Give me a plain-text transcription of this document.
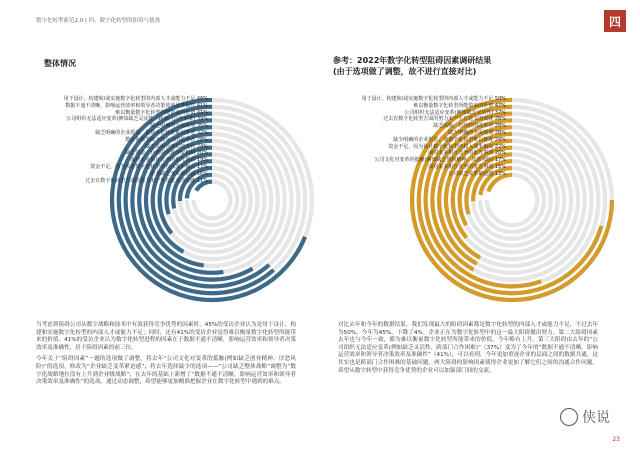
数字化转型新范2.0 | 四、数字化转型的阻碍与挑战	四
整体情况	参考：2022年数字化转型阻碍因素调研结果
(由于选项做了调整，故不进行直接对比)
用于设计、构建和/或实施数字化转型的内部人才或能力不足 46%
数据不通不清晰，影响运营效率和领导者决策效率及准确性 41%
难以衡量数字化转型所能带来的价值 41%
公司组织无法适应变革(例如缺乏灵活性、跨部门合作困难) 39%
缺乏明确的全面规划 35%
缺乏明确的企业愿景，使数字化转型难以推进 32%
数字化转型缺少强有力的领导者 28%
缺乏高级管理层的支持 24%
缺乏资金，有效的资源分配机制 20%
面对太多相互竞争的优先事项 19%
资金不足，因为预计数字化转型的投入成本极高 17%
企业缺乏变革紧迫感 16%
过去在数字化转型方面的努力未产生有意义的成就 11%
用于设计、构建和/或实施数字化转型的内部人才或能力不足 50%
难以衡量数字化转型所能带来的价值 47%
公司组织无法适应变革(例如缺乏灵活性) 37%
过去在数字化转型方面的努力未产生有意义的成就 28%
缺乏高级、有经验的改革者 28%
缺少明确的全面规划 28%
缺少明确的企业愿景，使数字化转型难以推进 24%
资金不足，因为预计数字化转型的投入成本极高 22%
面对太多相互竞争的优先事项 20%
公司文化对变革的抵触(例如缺乏创新精神、厌恶风险) 17%
面对太多相互竞争的优先事项 15%
公司缺乏变革紧迫感 13%

当考虑到阻碍公司从数字战略和技术中有效获得竞争优势的因素时，45%的受访企业认为是用于设计、构建和实施数字化转型的内部人才或能力不足；同时，还有41%的受访企业觉得难以衡量数字化转型所能带来的价值。41%的受访企业认为数字化转型进程的因素在于数据不通不清晰，影响运营效率和领导者决策效率及准确性，居于阻碍因素的前三位。

今年关于“阻碍因素”一题的选项做了调整，将去年“公司文化对变革的抵触(例如缺乏创业精神、厌恶风险)”的选项，修改为“企业缺乏变革紧迫感”；将去年选择最少的选项——“公司缺乏整体战略”调整为“数字化战略地位没有上升到企业级战略”；在去年的基础上新增了“数据不通不清晰，影响运营效率和领导者决策效率及准确性”的选项。通过动态调整，希望能够更加精准把握企业在数字化转型中遇到的难点。

对比去年和今年的数据结果，我们发现最大的阻碍因素都是数字化转型的内部人才或能力不足，不过去年为50%，今年为45%，下降了4%。企业正在为数字化转型中的这一最大阻碍做出努力。第二大阻碍因素去年也与今年一致，都为难以衡量数字化转型所能带来的价值，今年略有上升。第三大阻碍由去年的“公司组织无法适应变革(例如缺乏灵活性、跨部门合作困难)”（37%）变为了今年的“数据不通不清晰，影响运营效率和领导者决策效率及准确性”（41%），可以看到，今年更加重视企业的层面之间的数据共通，这其实也是跨部门合作困难的基础问题。两大阻碍的影响因素使得企业更加了解它们之间的沟通合作问题。希望从数字转型中获得竞争优势的企业可以加强部门间的交流。

侠说
23
